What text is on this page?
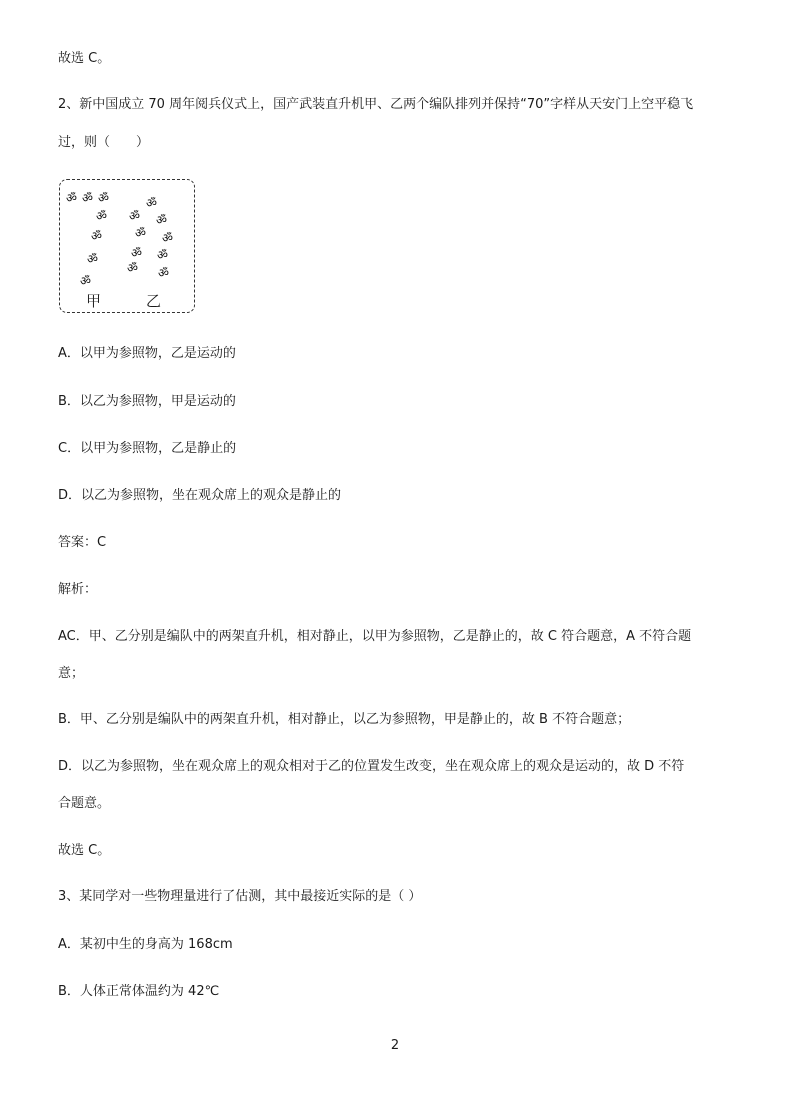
故选 C。
2、新中国成立 70 周年阅兵仪式上，国产武装直升机甲、乙两个编队排列并保持“70”字样从天安门上空平稳飞
过，则（　　）
ॐ ॐ ॐ
ॐ
ॐ
ॐ
ॐ
ॐ
ॐ ॐ
ॐ ॐ
ॐ ॐ
ॐ ॐ
甲	乙
A．以甲为参照物，乙是运动的
B．以乙为参照物，甲是运动的
C．以甲为参照物，乙是静止的
D．以乙为参照物，坐在观众席上的观众是静止的
答案：C
解析：
AC．甲、乙分别是编队中的两架直升机，相对静止，以甲为参照物，乙是静止的，故 C 符合题意，A 不符合题
意；
B．甲、乙分别是编队中的两架直升机，相对静止，以乙为参照物，甲是静止的，故 B 不符合题意；
D．以乙为参照物，坐在观众席上的观众相对于乙的位置发生改变，坐在观众席上的观众是运动的，故 D 不符
合题意。
故选 C。
3、某同学对一些物理量进行了估测，其中最接近实际的是（ ）
A．某初中生的身高为 168cm
B．人体正常体温约为 42℃
2
